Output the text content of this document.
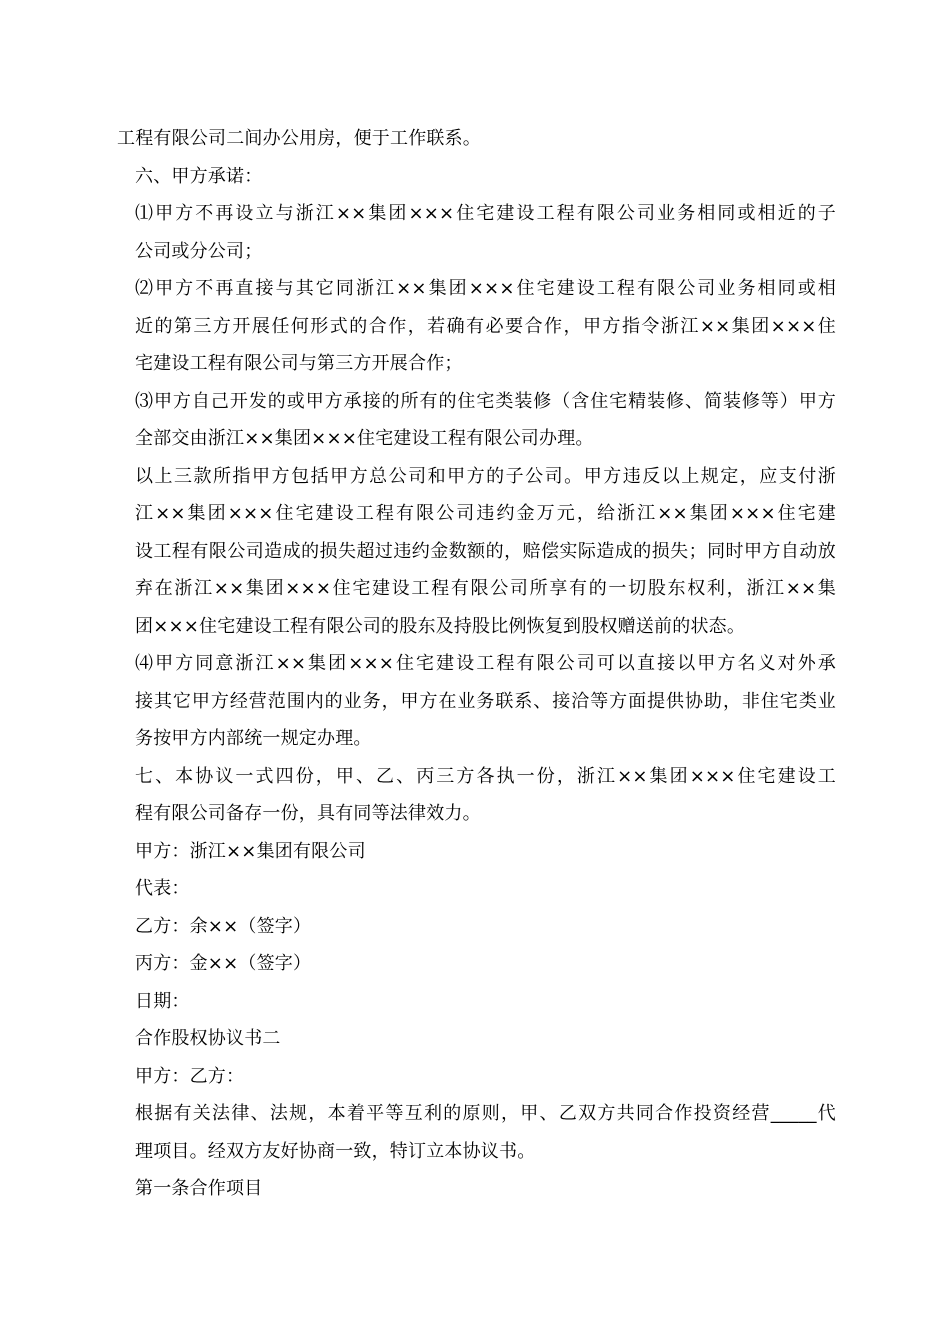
工程有限公司二间办公用房，便于工作联系。

六、甲方承诺：

⑴甲方不再设立与浙江××集团×××住宅建设工程有限公司业务相同或相近的子
公司或分公司；

⑵甲方不再直接与其它同浙江××集团×××住宅建设工程有限公司业务相同或相
近的第三方开展任何形式的合作，若确有必要合作，甲方指令浙江××集团×××住
宅建设工程有限公司与第三方开展合作；

⑶甲方自己开发的或甲方承接的所有的住宅类装修（含住宅精装修、简装修等）甲方
全部交由浙江××集团×××住宅建设工程有限公司办理。

以上三款所指甲方包括甲方总公司和甲方的子公司。甲方违反以上规定，应支付浙
江××集团×××住宅建设工程有限公司违约金万元，给浙江××集团×××住宅建
设工程有限公司造成的损失超过违约金数额的，赔偿实际造成的损失；同时甲方自动放
弃在浙江××集团×××住宅建设工程有限公司所享有的一切股东权利，浙江××集
团×××住宅建设工程有限公司的股东及持股比例恢复到股权赠送前的状态。

⑷甲方同意浙江××集团×××住宅建设工程有限公司可以直接以甲方名义对外承
接其它甲方经营范围内的业务，甲方在业务联系、接洽等方面提供协助，非住宅类业
务按甲方内部统一规定办理。

七、本协议一式四份，甲、乙、丙三方各执一份，浙江××集团×××住宅建设工
程有限公司备存一份，具有同等法律效力。

甲方：浙江××集团有限公司

代表：

乙方：余××（签字）

丙方：金××（签字）

日期：

合作股权协议书二

甲方：乙方：

根据有关法律、法规，本着平等互利的原则，甲、乙双方共同合作投资经营_____代
理项目。经双方友好协商一致，特订立本协议书。

第一条合作项目
